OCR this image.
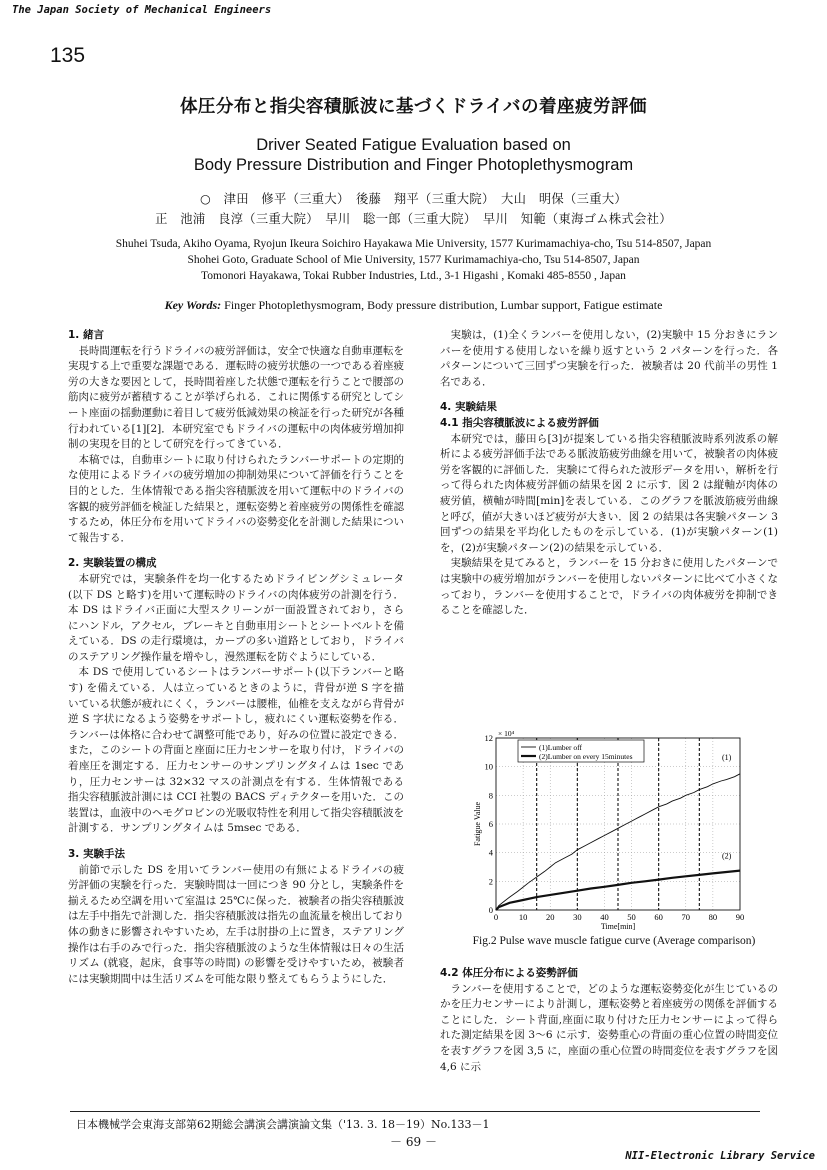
The Japan Society of Mechanical Engineers
135
体圧分布と指尖容積脈波に基づくドライバの着座疲労評価
Driver Seated Fatigue Evaluation based on
Body Pressure Distribution and Finger Photoplethysmogram
○　津田　修平（三重大）　後藤　翔平（三重大院）　大山　明保（三重大）
正　池浦　良淳（三重大院）　早川　聡一郎（三重大院）　早川　知範（東海ゴム株式会社）
Shuhei Tsuda, Akiho Oyama, Ryojun Ikeura Soichiro Hayakawa Mie University, 1577 Kurimamachiya-cho, Tsu 514-8507, Japan
Shohei Goto, Graduate School of Mie University, 1577 Kurimamachiya-cho, Tsu 514-8507, Japan
Tomonori Hayakawa, Tokai Rubber Industries, Ltd., 3-1 Higashi , Komaki 485-8550 , Japan
Key Words: Finger Photoplethysmogram, Body pressure distribution, Lumbar support, Fatigue estimate
1. 緒言

長時間運転を行うドライバの疲労評価は，安全で快適な自動車運転を実現する上で重要な課題である．運転時の疲労状態の一つである着座疲労の大きな要因として，長時間着座した状態で運転を行うことで腰部の筋肉に疲労が蓄積することが挙げられる．これに関係する研究としてシート座面の揺動運動に着目して疲労低減効果の検証を行った研究が各種行われている[1][2]．本研究室でもドライバの運転中の肉体疲労増加抑制の実現を目的として研究を行ってきている．

本稿では，自動車シートに取り付けられたランバーサポートの定期的な使用によるドライバの疲労増加の抑制効果について評価を行うことを目的とした．生体情報である指尖容積脈波を用いて運転中のドライバの客観的疲労評価を検証した結果と，運転姿勢と着座疲労の関係性を確認するため，体圧分布を用いてドライバの姿勢変化を計測した結果について報告する．

2. 実験装置の構成

本研究では，実験条件を均一化するためドライビングシミュレータ(以下 DS と略す)を用いて運転時のドライバの肉体疲労の計測を行う．本 DS はドライバ正面に大型スクリーンが一面設置されており，さらにハンドル，アクセル，ブレーキと自動車用シートとシートベルトを備えている．DS の走行環境は，カーブの多い道路としており，ドライバのステアリング操作量を増やし，漫然運転を防ぐようにしている．

本 DS で使用しているシートはランバーサポート(以下ランバーと略す) を備えている．人は立っているときのように，背骨が逆 S 字を描いている状態が疲れにくく，ランバーは腰椎，仙椎を支えながら背骨が逆 S 字状になるよう姿勢をサポートし，疲れにくい運転姿勢を作る．ランバーは体格に合わせて調整可能であり，好みの位置に設定できる．また，このシートの背面と座面に圧力センサーを取り付け，ドライバの着座圧を測定する．圧力センサーのサンプリングタイムは 1sec であり，圧力センサーは 32×32 マスの計測点を有する．生体情報である指尖容積脈波計測には CCI 社製の BACS ディテクターを用いた．この装置は，血液中のヘモグロビンの光吸収特性を利用して指尖容積脈波を計測する．サンプリングタイムは 5msec である．

3. 実験手法

前節で示した DS を用いてランバー使用の有無によるドライバの疲労評価の実験を行った．実験時間は一回につき 90 分とし，実験条件を揃えるため空調を用いて室温は 25℃に保った．被験者の指尖容積脈波は左手中指先で計測した．指尖容積脈波は指先の血流量を検出しており体の動きに影響されやすいため，左手は肘掛の上に置き，ステアリング操作は右手のみで行った．指尖容積脈波のような生体情報は日々の生活リズム (就寝，起床，食事等の時間) の影響を受けやすいため，被験者には実験期間中は生活リズムを可能な限り整えてもらうようにした．

実験は，(1)全くランバーを使用しない，(2)実験中 15 分おきにランバーを使用する使用しないを繰り返すという 2 パターンを行った．各パターンについて三回ずつ実験を行った．被験者は 20 代前半の男性 1 名である．

4. 実験結果
4.1 指尖容積脈波による疲労評価

本研究では，藤田ら[3]が提案している指尖容積脈波時系列波系の解析による疲労評価手法である脈波筋疲労曲線を用いて，被験者の肉体疲労を客観的に評価した．実験にて得られた波形データを用い，解析を行って得られた肉体疲労評価の結果を図 2 に示す．図 2 は縦軸が肉体の疲労値，横軸が時間[min]を表している．このグラフを脈波筋疲労曲線と呼び，値が大きいほど疲労が大きい．図 2 の結果は各実験パターン 3 回ずつの結果を平均化したものを示している．(1)が実験パターン(1)を，(2)が実験パターン(2)の結果を示している．

実験結果を見てみると，ランバーを 15 分おきに使用したパターンでは実験中の疲労増加がランバーを使用しないパターンに比べて小さくなっており，ランバーを使用することで，ドライバの肉体疲労を抑制できることを確認した．

0
2
4
6
8
10
12
0 10 20 30 40 50 60 70 80 90
× 10⁴
Time[min]
Fatigue Value
(1)
(2)
(1)Lumber off
(2)Lumber on every 15minutes
Fig.2 Pulse wave muscle fatigue curve (Average comparison)
4.2 体圧分布による姿勢評価

ランバーを使用することで，どのような運転姿勢変化が生じているのかを圧力センサーにより計測し，運転姿勢と着座疲労の関係を評価することにした．シート背面,座面に取り付けた圧力センサーによって得られた測定結果を図 3～6 に示す．姿勢重心の背面の重心位置の時間変位を表すグラフを図 3,5 に，座面の重心位置の時間変位を表すグラフを図 4,6 に示

日本機械学会東海支部第62期総会講演会講演論文集（'13. 3. 18－19）No.133－1
－ 69 －
NII-Electronic Library Service
